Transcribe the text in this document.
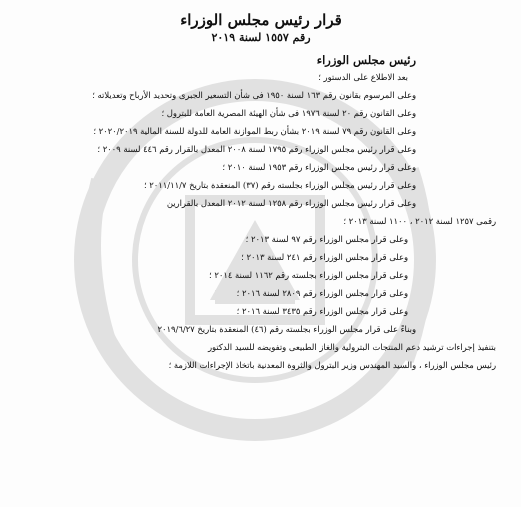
قرار رئيس مجلس الوزراء

رقم ١٥٥٧ لسنة ٢٠١٩

رئيس مجلس الوزراء

بعد الاطلاع على الدستور ؛

وعلى المرسوم بقانون رقم ١٦٣ لسنة ١٩٥٠ فى شأن التسعير الجبرى وتحديد الأرباح وتعديلاته ؛

وعلى القانون رقم ٢٠ لسنة ١٩٧٦ فى شأن الهيئة المصرية العامة للبترول ؛

وعلى القانون رقم ٧٩ لسنة ٢٠١٩ بشأن ربط الموازنة العامة للدولة للسنة المالية ٢٠٢٠/٢٠١٩ ؛

وعلى قرار رئيس مجلس الوزراء رقم ١٧٩٥ لسنة ٢٠٠٨ المعدل بالقرار رقم ٤٤٦ لسنة ٢٠٠٩ ؛

وعلى قرار رئيس مجلس الوزراء رقم ١٩٥٣ لسنة ٢٠١٠ ؛

وعلى قرار رئيس مجلس الوزراء بجلسته رقم (٣٧) المنعقدة بتاريخ ٢٠١١/١١/٧ ؛

وعلى قرار رئيس مجلس الوزراء رقم ١٢٥٨ لسنة ٢٠١٢ المعدل بالقرارين

رقمى ١٢٥٧ لسنة ٢٠١٢ ، ١١٠٠ لسنة ٢٠١٣ ؛

وعلى قرار مجلس الوزراء رقم ٩٧ لسنة ٢٠١٣ ؛

وعلى قرار مجلس الوزراء رقم ٢٤١ لسنة ٢٠١٣ ؛

وعلى قرار مجلس الوزراء بجلسته رقم ١١٦٢ لسنة ٢٠١٤ ؛

وعلى قرار مجلس الوزراء رقم ٢٨٠٩ لسنة ٢٠١٦ ؛

وعلى قرار مجلس الوزراء رقم ٣٤٣٥ لسنة ٢٠١٦ ؛

وبناءً على قرار مجلس الوزراء بجلسته رقم (٤٦) المنعقدة بتاريخ ٢٠١٩/٦/٢٧

بتنفيذ إجراءات ترشيد دعم المنتجات البترولية والغاز الطبيعى وتفويضه للسيد الدكتور

رئيس مجلس الوزراء ، والسيد المهندس وزير البترول والثروة المعدنية باتخاذ الإجراءات اللازمة ؛
